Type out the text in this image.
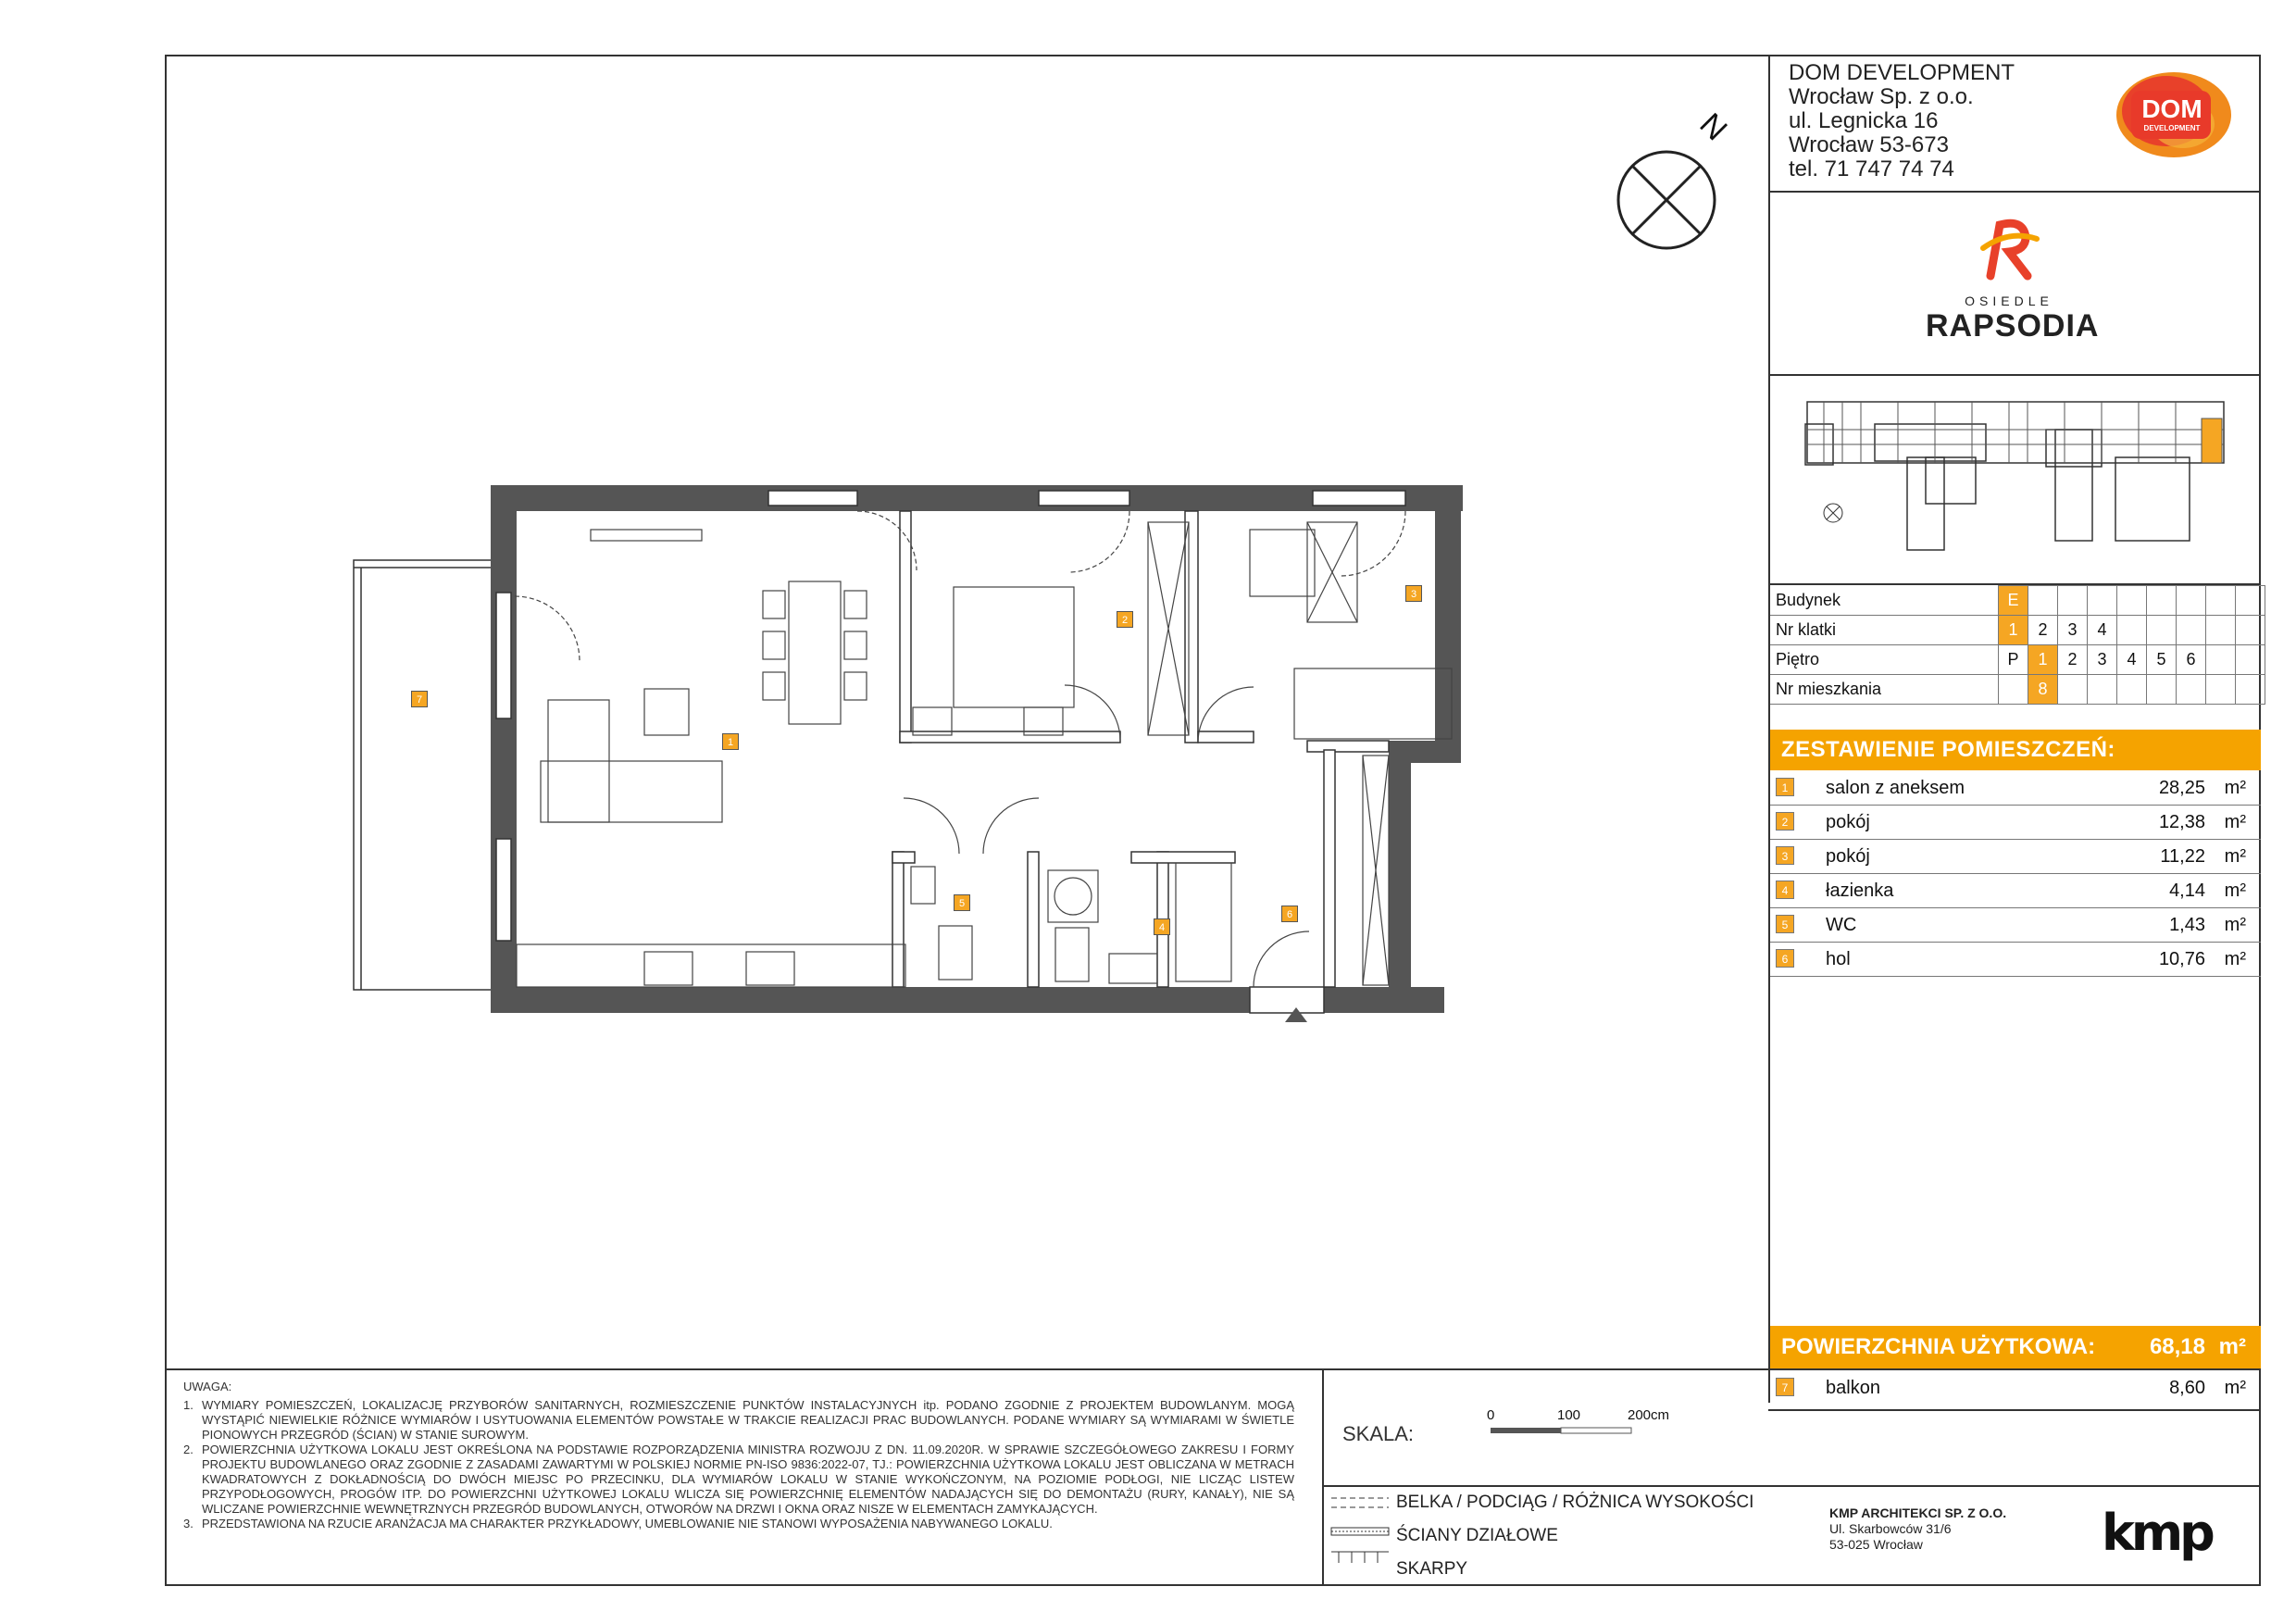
DOM DEVELOPMENT
Wrocław Sp. z o.o.
ul. Legnicka 16
Wrocław 53-673
tel. 71 747 74 74
DOM
DEVELOPMENT
OSIEDLE
RAPSODIA
Budynek	E								
Nr klatki	1	2	3	4					
Piętro	P	1	2	3	4	5	6		
Nr mieszkania		8							
ZESTAWIENIE POMIESZCZEŃ:
1	salon z aneksem	28,25 m²
2	pokój	12,38 m²
3	pokój	11,22 m²
4	łazienka	4,14 m²
5	WC	1,43 m²
6	hol	10,76 m²
POWIERZCHNIA UŻYTKOWA: 68,18 m²
7	balkon	8,60 m²
UWAGA:
1. WYMIARY POMIESZCZEŃ, LOKALIZACJĘ PRZYBORÓW SANITARNYCH, ROZMIESZCZENIE PUNKTÓW INSTALACYJNYCH itp. PODANO ZGODNIE Z PROJEKTEM BUDOWLANYM. MOGĄ WYSTĄPIĆ NIEWIELKIE RÓŻNICE WYMIARÓW I USYTUOWANIA ELEMENTÓW POWSTAŁE W TRAKCIE REALIZACJI PRAC BUDOWLANYCH. PODANE WYMIARY SĄ WYMIARAMI W ŚWIETLE PIONOWYCH PRZEGRÓD (ŚCIAN) W STANIE SUROWYM.
2. POWIERZCHNIA UŻYTKOWA LOKALU JEST OKREŚLONA NA PODSTAWIE ROZPORZĄDZENIA MINISTRA ROZWOJU Z DN. 11.09.2020R. W SPRAWIE SZCZEGÓŁOWEGO ZAKRESU I FORMY PROJEKTU BUDOWLANEGO ORAZ ZGODNIE Z ZASADAMI ZAWARTYMI W POLSKIEJ NORMIE PN-ISO 9836:2022-07, TJ.: POWIERZCHNIA UŻYTKOWA LOKALU JEST OBLICZANA W METRACH KWADRATOWYCH Z DOKŁADNOŚCIĄ DO DWÓCH MIEJSC PO PRZECINKU, DLA WYMIARÓW LOKALU W STANIE WYKOŃCZONYM, NA POZIOMIE PODŁOGI, NIE LICZĄC LISTEW PRZYPODŁOGOWYCH, PROGÓW ITP. DO POWIERZCHNI UŻYTKOWEJ LOKALU WLICZA SIĘ POWIERZCHNIĘ ELEMENTÓW NADAJĄCYCH SIĘ DO DEMONTAŻU (RURY, KANAŁY), NIE SĄ WLICZANE POWIERZCHNIE WEWNĘTRZNYCH PRZEGRÓD BUDOWLANYCH, OTWORÓW NA DRZWI I OKNA ORAZ NISZE W ELEMENTACH ZAMYKAJĄCYCH.
3. PRZEDSTAWIONA NA RZUCIE ARANŻACJA MA CHARAKTER PRZYKŁADOWY, UMEBLOWANIE NIE STANOWI WYPOSAŻENIA NABYWANEGO LOKALU.
SKALA:
0	100	200cm
BELKA / PODCIĄG / RÓŻNICA WYSOKOŚCI
ŚCIANY DZIAŁOWE
SKARPY
KMP ARCHITEKCI SP. Z O.O.
Ul. Skarbowców 31/6
53-025 Wrocław	kmp
N
1
2
3
4
5
6
7
